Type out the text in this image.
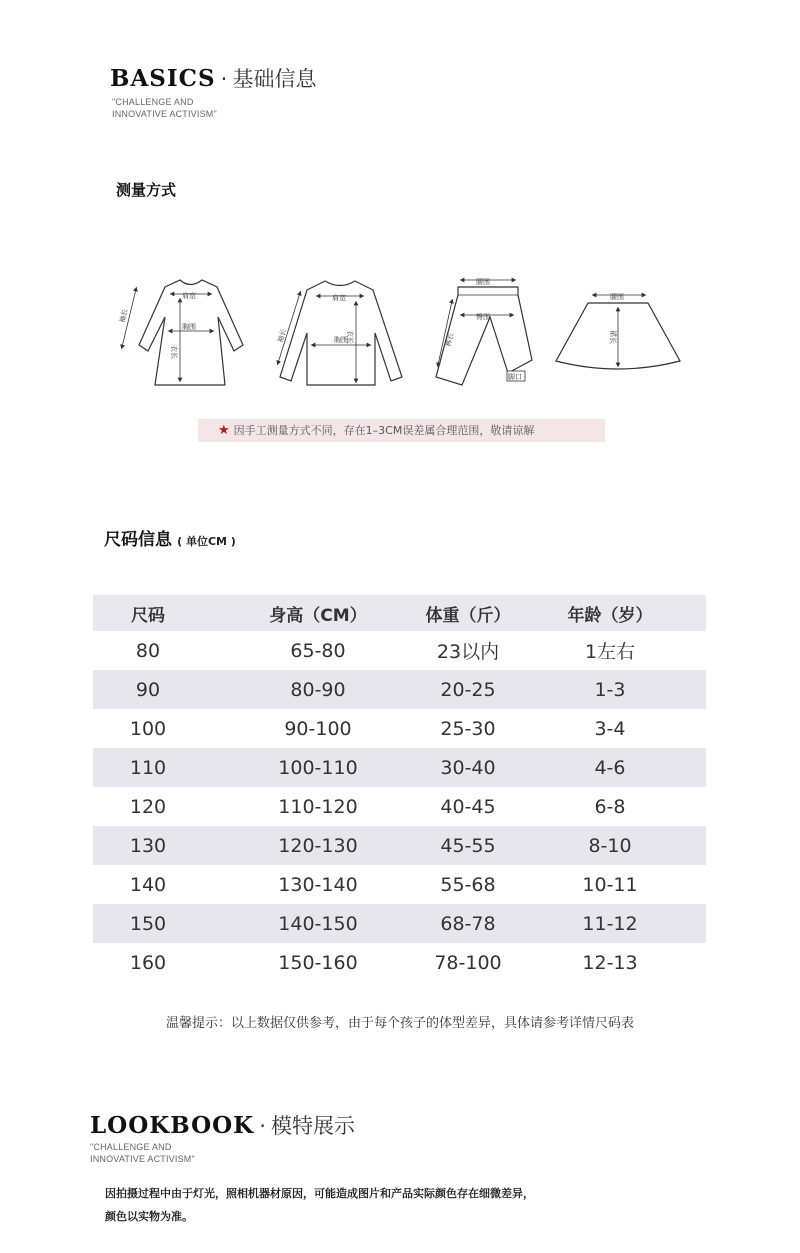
BASICS · 基础信息
"CHALLENGE AND
INNOVATIVE ACTIVISM"
测量方式
肩宽
胸围
衣长
袖长
肩宽
胸围
衣长
袖长
腰围
臀围
裤长
脚口
腰围
裙长
★ 因手工测量方式不同，存在1–3CM误差属合理范围，敬请谅解
尺码信息 ( 单位CM )
尺码	身高（CM）	体重（斤）	年龄（岁）
80	65-80	23以内	1左右
90	80-90	20-25	1-3
100	90-100	25-30	3-4
110	100-110	30-40	4-6
120	110-120	40-45	6-8
130	120-130	45-55	8-10
140	130-140	55-68	10-11
150	140-150	68-78	11-12
160	150-160	78-100	12-13
温馨提示：以上数据仅供参考，由于每个孩子的体型差异，具体请参考详情尺码表
LOOKBOOK · 模特展示
"CHALLENGE AND
INNOVATIVE ACTIVISM"
因拍摄过程中由于灯光，照相机器材原因，可能造成图片和产品实际颜色存在细微差异，
颜色以实物为准。
